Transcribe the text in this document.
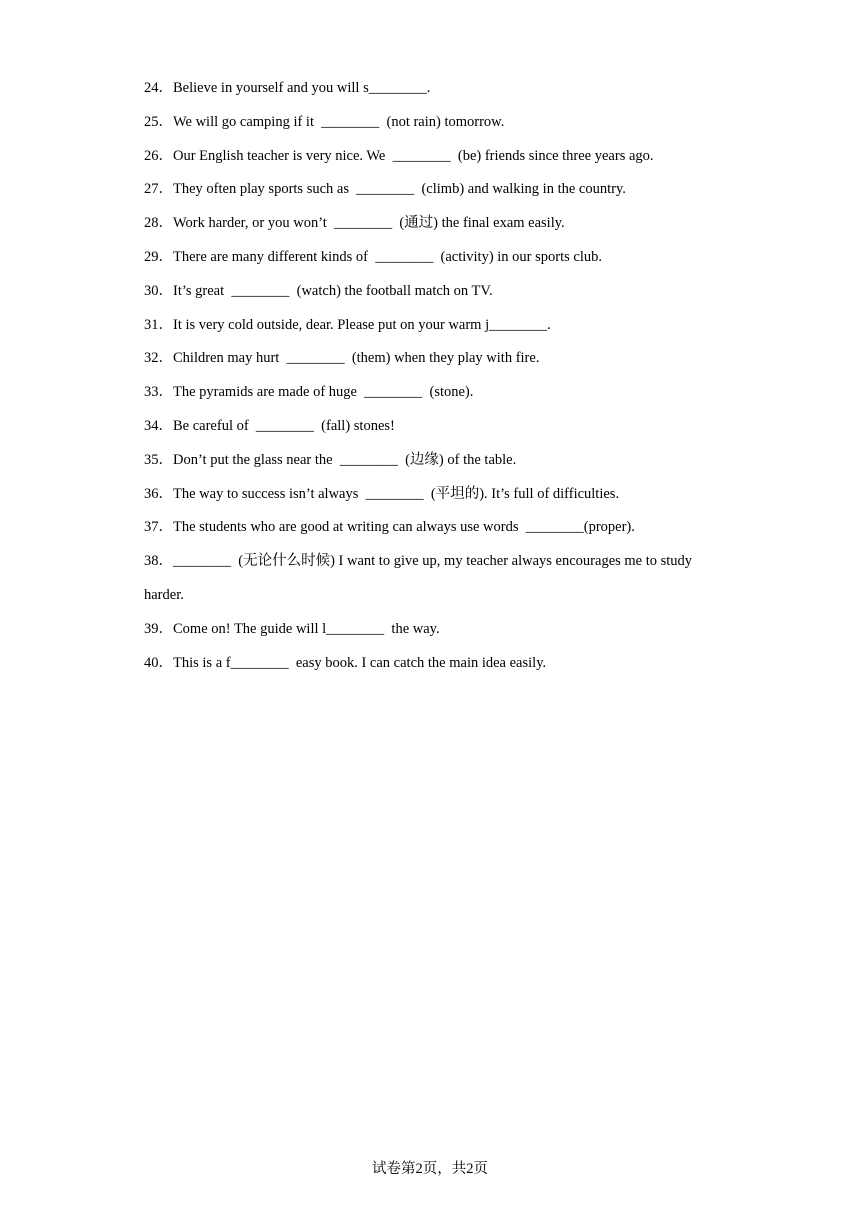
24．Believe in yourself and you will s________.
25．We will go camping if it  ________  (not rain) tomorrow.
26．Our English teacher is very nice. We  ________  (be) friends since three years ago.
27．They often play sports such as  ________  (climb) and walking in the country.
28．Work harder, or you won’t  ________  (通过) the final exam easily.
29．There are many different kinds of  ________  (activity) in our sports club.
30．It’s great  ________  (watch) the football match on TV.
31．It is very cold outside, dear. Please put on your warm j________.
32．Children may hurt  ________  (them) when they play with fire.
33．The pyramids are made of huge  ________  (stone).
34．Be careful of  ________  (fall) stones!
35．Don’t put the glass near the  ________  (边缘) of the table.
36．The way to success isn’t always  ________  (平坦的). It’s full of difficulties.
37．The students who are good at writing can always use words  ________(proper).
38．________  (无论什么时候) I want to give up, my teacher always encourages me to study harder.
39．Come on! The guide will l________  the way.
40．This is a f________  easy book. I can catch the main idea easily.
试卷第2页，共2页
